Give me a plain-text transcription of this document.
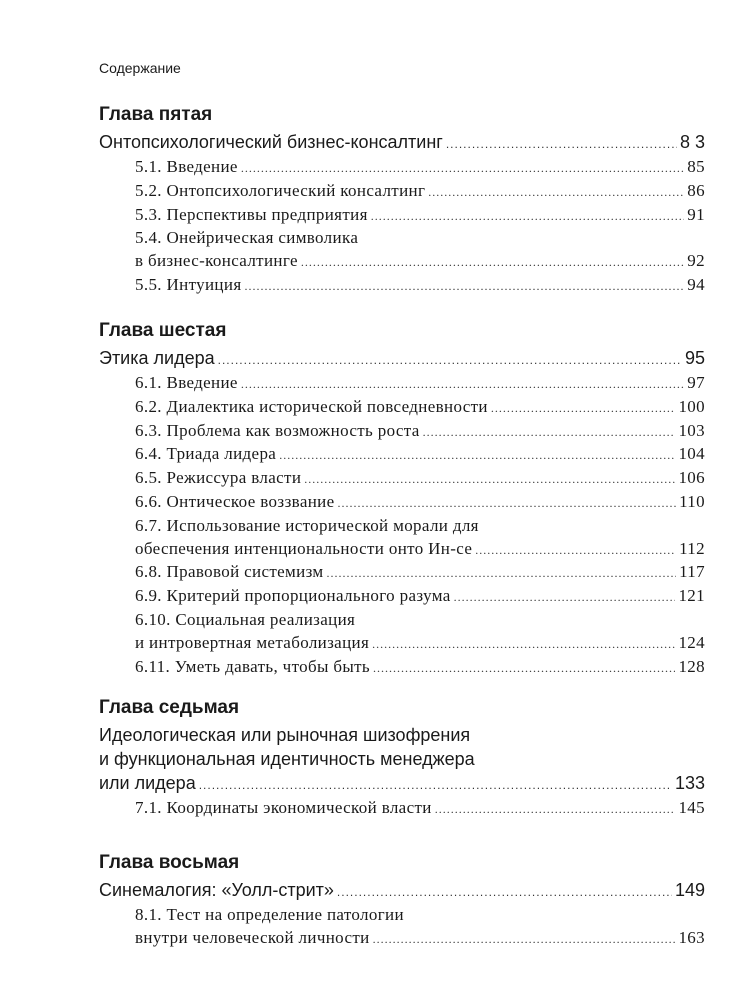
Содержание
Глава пятая
Онтопсихологический бизнес-консалтинг .....	8 3
5.1. Введение .....	85
5.2. Онтопсихологический консалтинг .....	86
5.3. Перспективы предприятия .....	91
5.4. Онейрическая символика
в бизнес-консалтинге .....	92
5.5. Интуиция .....	94
Глава шестая
Этика лидера .....	95
6.1. Введение .....	97
6.2. Диалектика исторической повседневности .....	100
6.3. Проблема как возможность роста .....	103
6.4. Триада лидера .....	104
6.5. Режиссура власти .....	106
6.6. Онтическое воззвание .....	110
6.7. Использование исторической морали для
обеспечения интенциональности онто Ин-се .....	112
6.8. Правовой системизм .....	117
6.9. Критерий пропорционального разума .....	121
6.10. Социальная реализация
и интровертная метаболизация .....	124
6.11. Уметь давать, чтобы быть .....	128
Глава седьмая
Идеологическая или рыночная шизофрения
и функциональная идентичность менеджера
или лидера .....	133
7.1. Координаты экономической власти .....	145
Глава восьмая
Синемалогия: «Уолл-стрит» .....	149
8.1. Тест на определение патологии
внутри человеческой личности .....	163
